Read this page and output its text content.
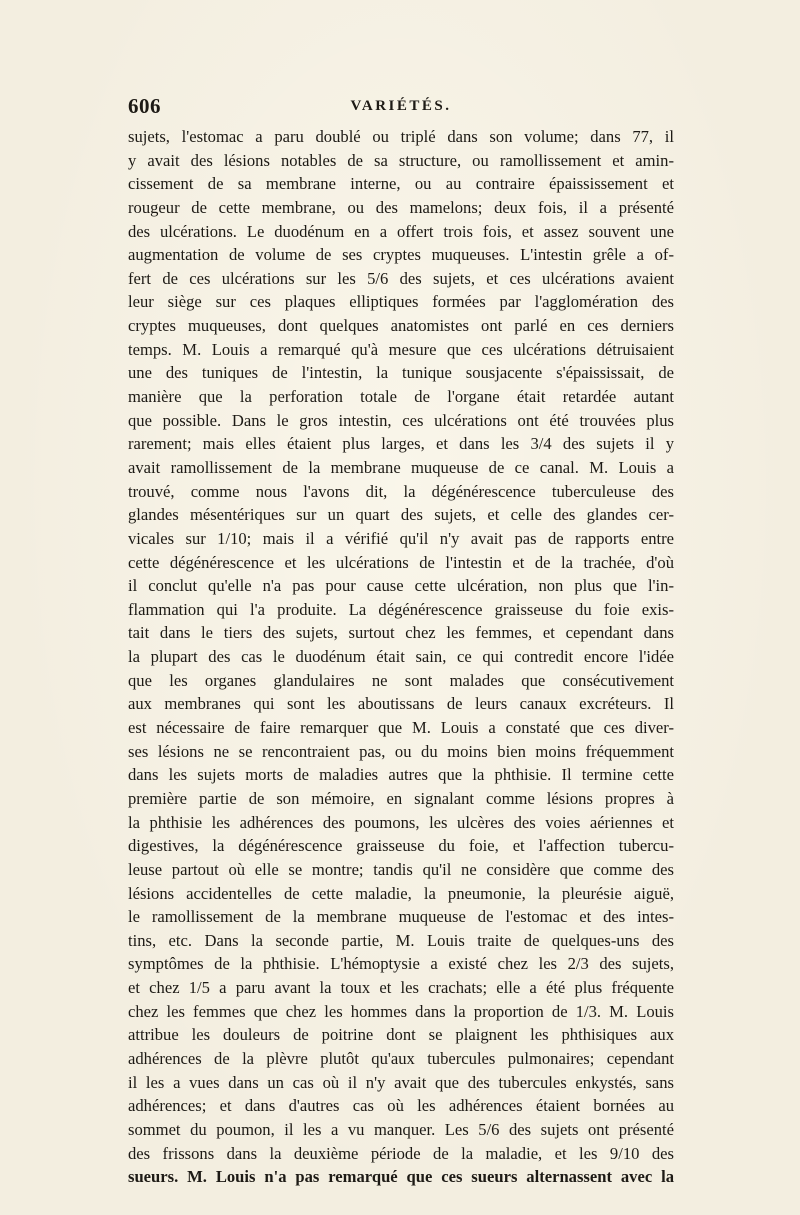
606	VARIÉTÉS.
sujets, l'estomac a paru doublé ou triplé dans son volume; dans 77, il
y avait des lésions notables de sa structure, ou ramollissement et amin-
cissement de sa membrane interne, ou au contraire épaississement et
rougeur de cette membrane, ou des mamelons; deux fois, il a présenté
des ulcérations. Le duodénum en a offert trois fois, et assez souvent une
augmentation de volume de ses cryptes muqueuses. L'intestin grêle a of-
fert de ces ulcérations sur les 5/6 des sujets, et ces ulcérations avaient
leur siège sur ces plaques elliptiques formées par l'agglomération des
cryptes muqueuses, dont quelques anatomistes ont parlé en ces derniers
temps. M. Louis a remarqué qu'à mesure que ces ulcérations détruisaient
une des tuniques de l'intestin, la tunique sousjacente s'épaississait, de
manière que la perforation totale de l'organe était retardée autant
que possible. Dans le gros intestin, ces ulcérations ont été trouvées plus
rarement; mais elles étaient plus larges, et dans les 3/4 des sujets il y
avait ramollissement de la membrane muqueuse de ce canal. M. Louis a
trouvé, comme nous l'avons dit, la dégénérescence tuberculeuse des
glandes mésentériques sur un quart des sujets, et celle des glandes cer-
vicales sur 1/10; mais il a vérifié qu'il n'y avait pas de rapports entre
cette dégénérescence et les ulcérations de l'intestin et de la trachée, d'où
il conclut qu'elle n'a pas pour cause cette ulcération, non plus que l'in-
flammation qui l'a produite. La dégénérescence graisseuse du foie exis-
tait dans le tiers des sujets, surtout chez les femmes, et cependant dans
la plupart des cas le duodénum était sain, ce qui contredit encore l'idée
que les organes glandulaires ne sont malades que consécutivement
aux membranes qui sont les aboutissans de leurs canaux excréteurs. Il
est nécessaire de faire remarquer que M. Louis a constaté que ces diver-
ses lésions ne se rencontraient pas, ou du moins bien moins fréquemment
dans les sujets morts de maladies autres que la phthisie. Il termine cette
première partie de son mémoire, en signalant comme lésions propres à
la phthisie les adhérences des poumons, les ulcères des voies aériennes et
digestives, la dégénérescence graisseuse du foie, et l'affection tubercu-
leuse partout où elle se montre; tandis qu'il ne considère que comme des
lésions accidentelles de cette maladie, la pneumonie, la pleurésie aiguë,
le ramollissement de la membrane muqueuse de l'estomac et des intes-
tins, etc. Dans la seconde partie, M. Louis traite de quelques-uns des
symptômes de la phthisie. L'hémoptysie a existé chez les 2/3 des sujets,
et chez 1/5 a paru avant la toux et les crachats; elle a été plus fréquente
chez les femmes que chez les hommes dans la proportion de 1/3. M. Louis
attribue les douleurs de poitrine dont se plaignent les phthisiques aux
adhérences de la plèvre plutôt qu'aux tubercules pulmonaires; cependant
il les a vues dans un cas où il n'y avait que des tubercules enkystés, sans
adhérences; et dans d'autres cas où les adhérences étaient bornées au
sommet du poumon, il les a vu manquer. Les 5/6 des sujets ont présenté
des frissons dans la deuxième période de la maladie, et les 9/10 des
sueurs. M. Louis n'a pas remarqué que ces sueurs alternassent avec la
